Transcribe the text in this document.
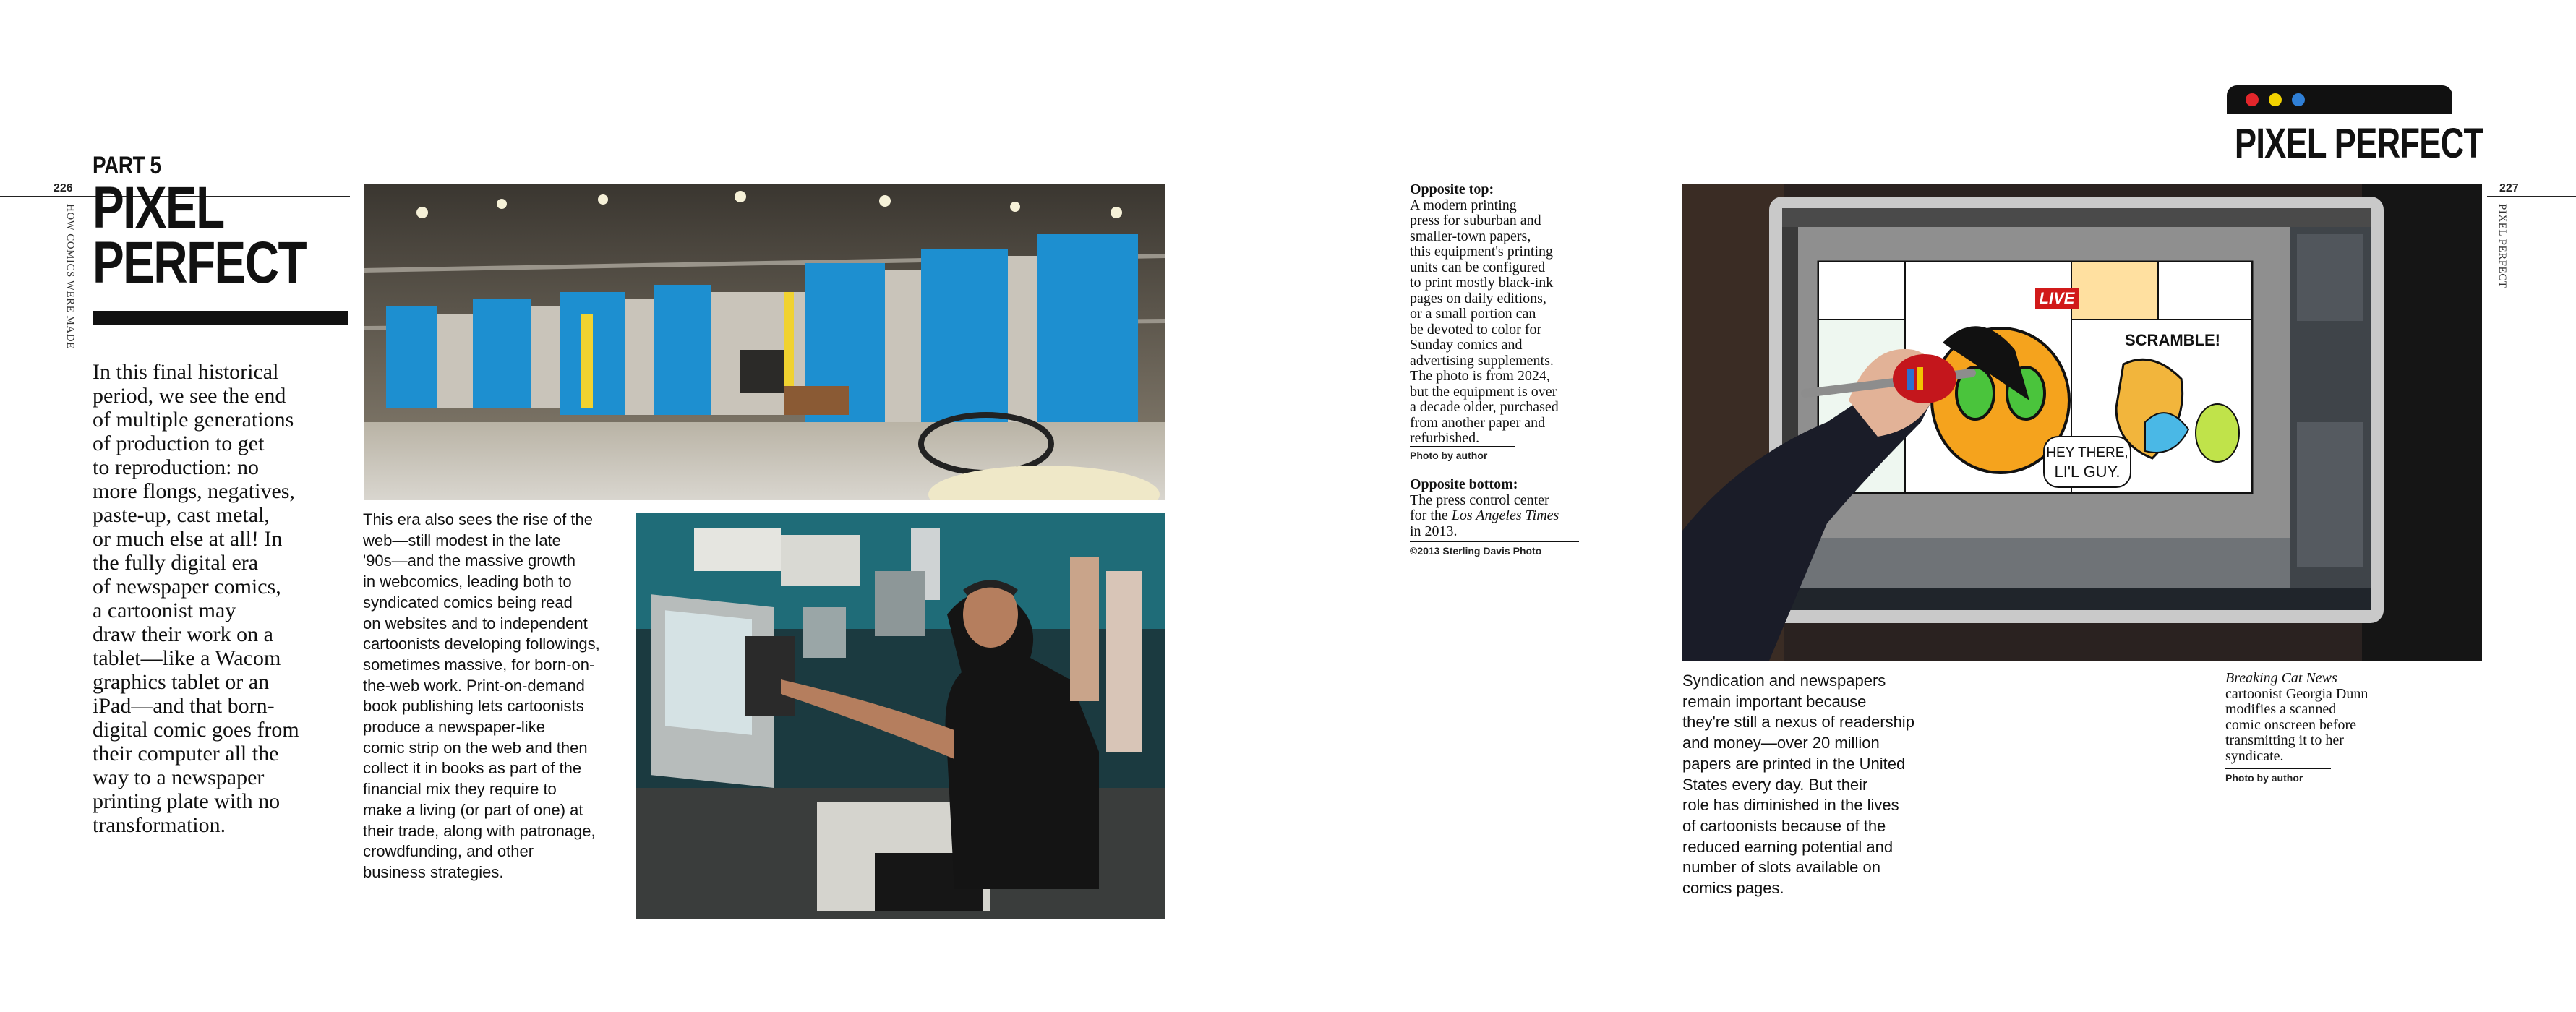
226
HOW COMICS WERE MADE
PART 5
PIXEL
PERFECT
In this final historical
period, we see the end
of multiple generations
of production to get
to reproduction: no
more flongs, negatives,
paste-up, cast metal,
or much else at all! In
the fully digital era
of newspaper comics,
a cartoonist may
draw their work on a
tablet—like a Wacom
graphics tablet or an
iPad—and that born-
digital comic goes from
their computer all the
way to a newspaper
printing plate with no
transformation.
This era also sees the rise of the
web—still modest in the late
'90s—and the massive growth
in webcomics, leading both to
syndicated comics being read
on websites and to independent
cartoonists developing followings,
sometimes massive, for born-on-
the-web work. Print-on-demand
book publishing lets cartoonists
produce a newspaper-like
comic strip on the web and then
collect it in books as part of the
financial mix they require to
make a living (or part of one) at
their trade, along with patronage,
crowdfunding, and other
business strategies.
PIXEL PERFECT
227
PIXEL PERFECT
Opposite top:
A modern printing
press for suburban and
smaller-town papers,
this equipment's printing
units can be configured
to print mostly black-ink
pages on daily editions,
or a small portion can
be devoted to color for
Sunday comics and
advertising supplements.
The photo is from 2024,
but the equipment is over
a decade older, purchased
from another paper and
refurbished.
Photo by author
Opposite bottom:
The press control center
for the Los Angeles Times
in 2013.
©2013 Sterling Davis Photo
LIVE
SCRAMBLE!
HEY THERE,
LI'L GUY.
Syndication and newspapers
remain important because
they're still a nexus of readership
and money—over 20 million
papers are printed in the United
States every day. But their
role has diminished in the lives
of cartoonists because of the
reduced earning potential and
number of slots available on
comics pages.
Breaking Cat News
cartoonist Georgia Dunn
modifies a scanned
comic onscreen before
transmitting it to her
syndicate.
Photo by author
